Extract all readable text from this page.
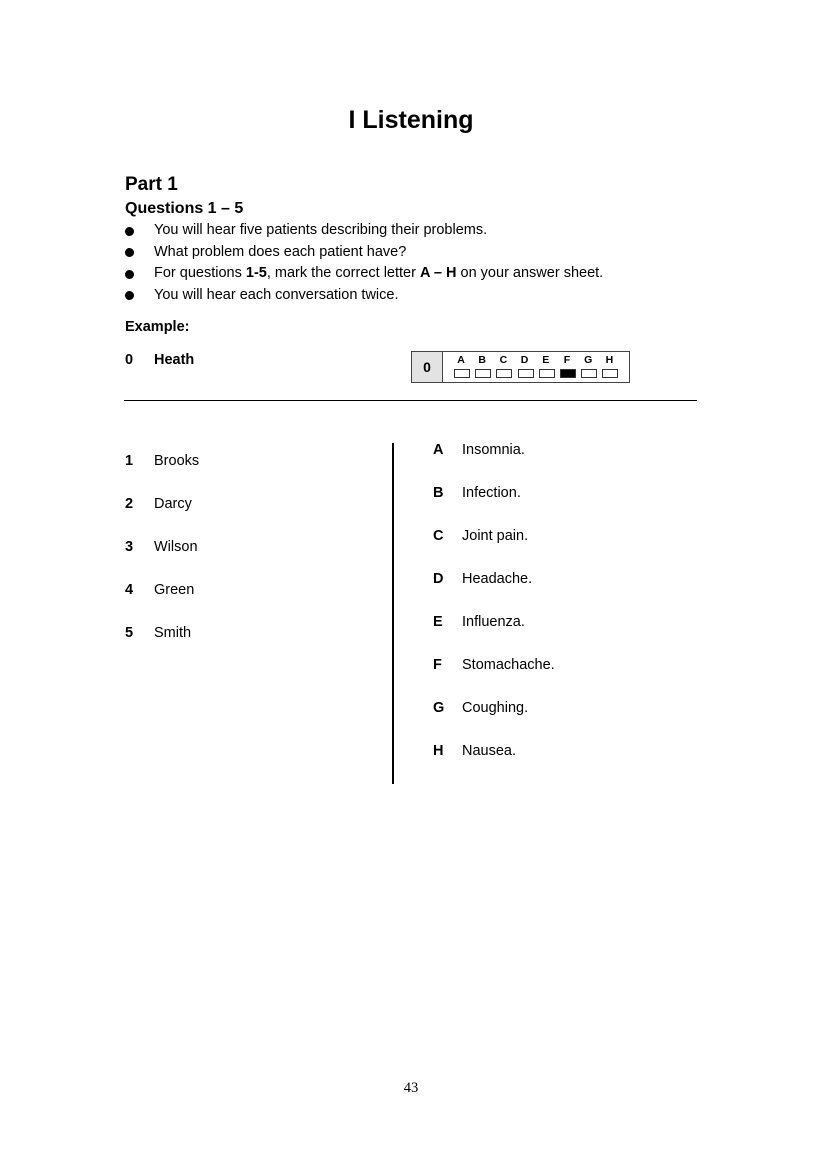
I Listening
Part 1
Questions 1 – 5
You will hear five patients describing their problems.
What problem does each patient have?
For questions 1-5, mark the correct letter A – H on your answer sheet.
You will hear each conversation twice.
Example:
0 Heath	0	A	B	C	D	E	F	G	H
1 Brooks
2 Darcy
3 Wilson
4 Green
5 Smith
A Insomnia.
B Infection.
C Joint pain.
D Headache.
E Influenza.
F Stomachache.
G Coughing.
H Nausea.
43
